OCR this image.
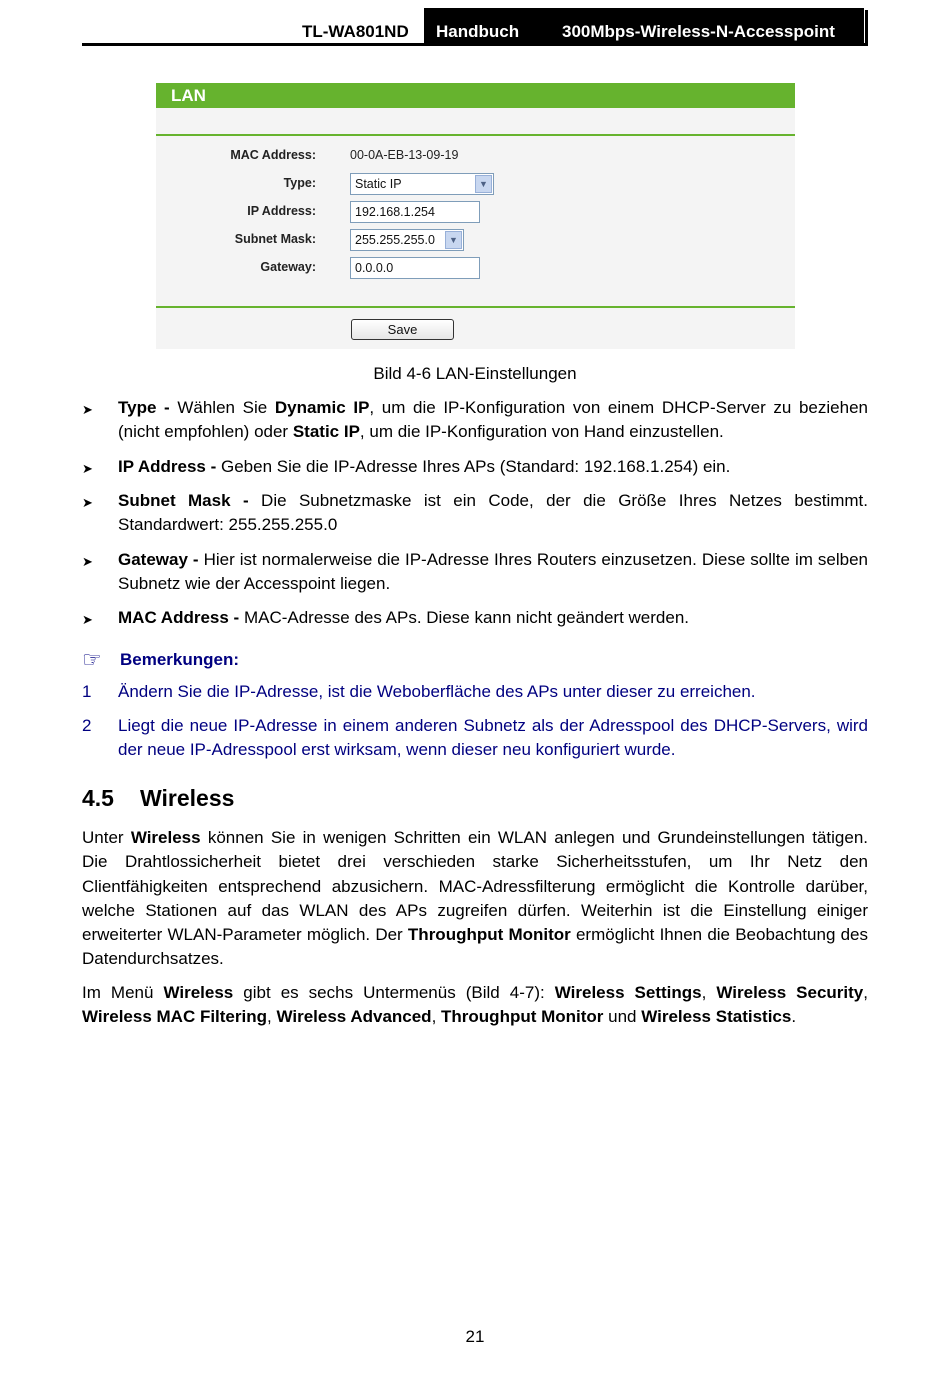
TL-WA801ND Handbuch	300Mbps-Wireless-N-Accesspoint
LAN
MAC Address:	00-0A-EB-13-09-19
Type:	Static IP	▼
IP Address:	192.168.1.254
Subnet Mask:	255.255.255.0	▼
Gateway:	0.0.0.0
Save
Bild 4-6 LAN-Einstellungen
➤ Type - Wählen Sie Dynamic IP, um die IP-Konfiguration von einem DHCP-Server zu beziehen (nicht empfohlen) oder Static IP, um die IP-Konfiguration von Hand einzustellen.
➤ IP Address - Geben Sie die IP-Adresse Ihres APs (Standard: 192.168.1.254) ein.
➤ Subnet Mask - Die Subnetzmaske ist ein Code, der die Größe Ihres Netzes bestimmt. Standardwert: 255.255.255.0
➤ Gateway - Hier ist normalerweise die IP-Adresse Ihres Routers einzusetzen. Diese sollte im selben Subnetz wie der Accesspoint liegen.
➤ MAC Address - MAC-Adresse des APs. Diese kann nicht geändert werden.
☞ Bemerkungen:
1 Ändern Sie die IP-Adresse, ist die Weboberfläche des APs unter dieser zu erreichen.
2 Liegt die neue IP-Adresse in einem anderen Subnetz als der Adresspool des DHCP-Servers, wird der neue IP-Adresspool erst wirksam, wenn dieser neu konfiguriert wurde.
4.5 Wireless
Unter Wireless können Sie in wenigen Schritten ein WLAN anlegen und Grundeinstellungen tätigen. Die Drahtlossicherheit bietet drei verschieden starke Sicherheitsstufen, um Ihr Netz den Clientfähigkeiten entsprechend abzusichern. MAC-Adressfilterung ermöglicht die Kontrolle darüber, welche Stationen auf das WLAN des APs zugreifen dürfen. Weiterhin ist die Einstellung einiger erweiterter WLAN-Parameter möglich. Der Throughput Monitor ermöglicht Ihnen die Beobachtung des Datendurchsatzes.
Im Menü Wireless gibt es sechs Untermenüs (Bild 4-7): Wireless Settings, Wireless Security, Wireless MAC Filtering, Wireless Advanced, Throughput Monitor und Wireless Statistics.
21
